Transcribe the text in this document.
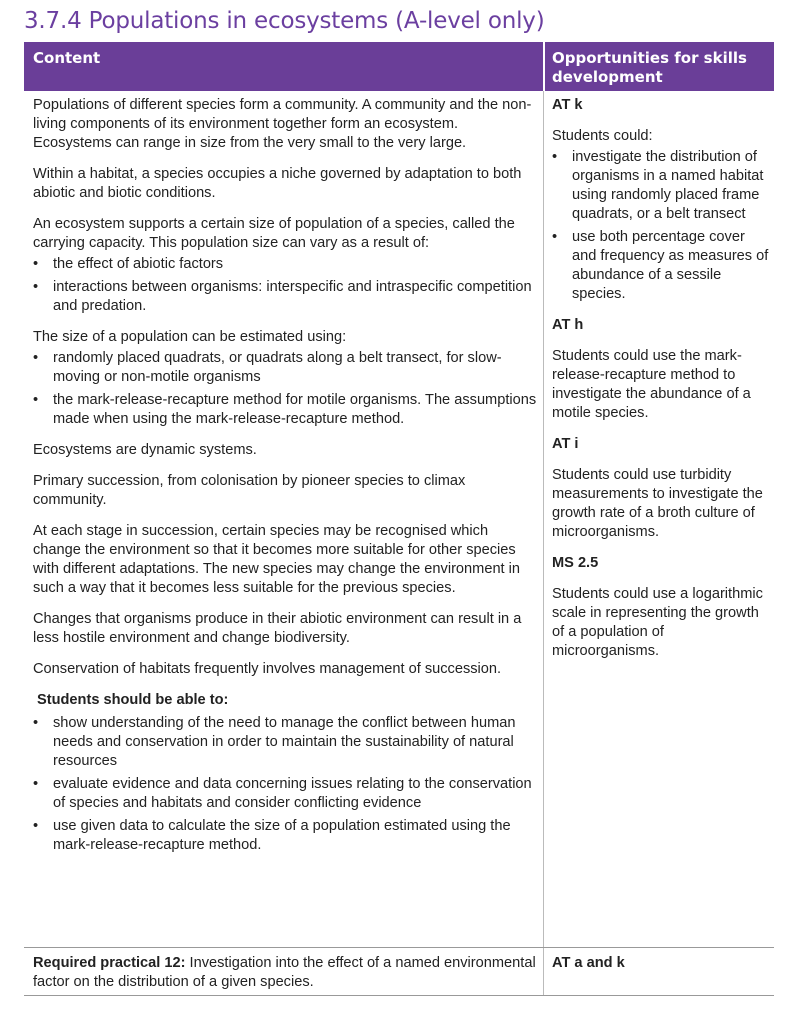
3.7.4 Populations in ecosystems (A-level only)
Content	Opportunities for skills development

Populations of different species form a community. A community and the non-living components of its environment together form an ecosystem. Ecosystems can range in size from the very small to the very large.

Within a habitat, a species occupies a niche governed by adaptation to both abiotic and biotic conditions.

An ecosystem supports a certain size of population of a species, called the carrying capacity. This population size can vary as a result of:

• the effect of abiotic factors
• interactions between organisms: interspecific and intraspecific competition and predation.

The size of a population can be estimated using:

• randomly placed quadrats, or quadrats along a belt transect, for slow-moving or non-motile organisms
• the mark-release-recapture method for motile organisms. The assumptions made when using the mark-release-recapture method.

Ecosystems are dynamic systems.

Primary succession, from colonisation by pioneer species to climax community.

At each stage in succession, certain species may be recognised which change the environment so that it becomes more suitable for other species with different adaptations. The new species may change the environment in such a way that it becomes less suitable for the previous species.

Changes that organisms produce in their abiotic environment can result in a less hostile environment and change biodiversity.

Conservation of habitats frequently involves management of succession.

Students should be able to:
• show understanding of the need to manage the conflict between human needs and conservation in order to maintain the sustainability of natural resources
• evaluate evidence and data concerning issues relating to the conservation of species and habitats and consider conflicting evidence
• use given data to calculate the size of a population estimated using the mark-release-recapture method.
AT k

Students could:

• investigate the distribution of organisms in a named habitat using randomly placed frame quadrats, or a belt transect
• use both percentage cover and frequency as measures of abundance of a sessile species.
AT h

Students could use the mark-release-recapture method to investigate the abundance of a motile species.

AT i

Students could use turbidity measurements to investigate the growth rate of a broth culture of microorganisms.

MS 2.5

Students could use a logarithmic scale in representing the growth of a population of microorganisms.

Required practical 12: Investigation into the effect of a named environmental factor on the distribution of a given species.
AT a and k
